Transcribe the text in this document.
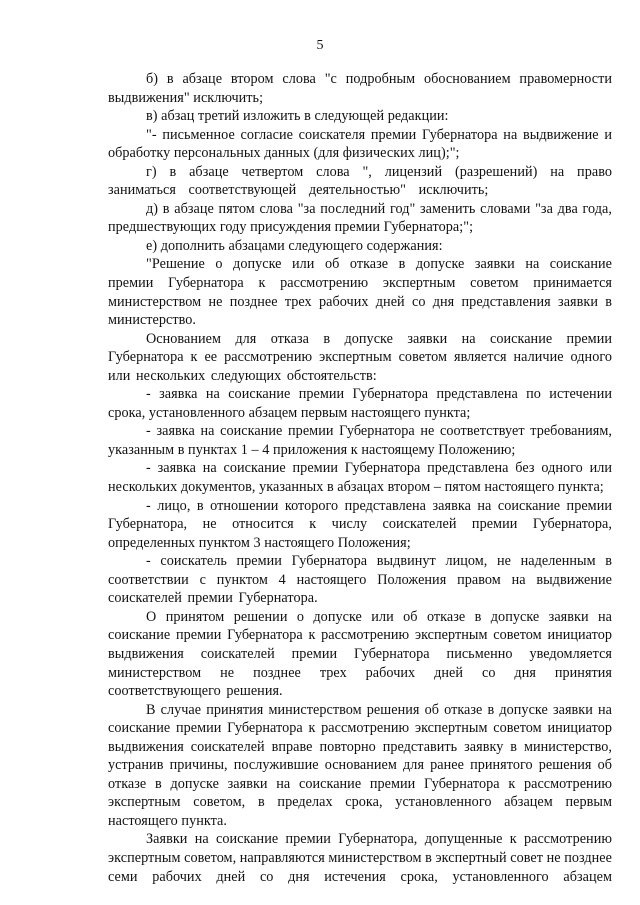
5

б) в абзаце втором слова "с подробным обоснованием правомерности выдвижения" исключить;

в) абзац третий изложить в следующей редакции:

"- письменное согласие соискателя премии Губернатора на выдвижение и обработку персональных данных (для физических лиц);";

г) в абзаце четвертом слова ", лицензий (разрешений) на право заниматься соответствующей деятельностью" исключить;

д) в абзаце пятом слова "за последний год" заменить словами "за два года, предшествующих году присуждения премии Губернатора;";

е) дополнить абзацами следующего содержания:

"Решение о допуске или об отказе в допуске заявки на соискание премии Губернатора к рассмотрению экспертным советом принимается министерством не позднее трех рабочих дней со дня представления заявки в министерство.

Основанием для отказа в допуске заявки на соискание премии Губернатора к ее рассмотрению экспертным советом является наличие одного или нескольких следующих обстоятельств:

- заявка на соискание премии Губернатора представлена по истечении срока, установленного абзацем первым настоящего пункта;

- заявка на соискание премии Губернатора не соответствует требованиям, указанным в пунктах 1 – 4 приложения к настоящему Положению;

- заявка на соискание премии Губернатора представлена без одного или нескольких документов, указанных в абзацах втором – пятом настоящего пункта;

- лицо, в отношении которого представлена заявка на соискание премии Губернатора, не относится к числу соискателей премии Губернатора, определенных пунктом 3 настоящего Положения;

- соискатель премии Губернатора выдвинут лицом, не наделенным в соответствии с пунктом 4 настоящего Положения правом на выдвижение соискателей премии Губернатора.

О принятом решении о допуске или об отказе в допуске заявки на соискание премии Губернатора к рассмотрению экспертным советом инициатор выдвижения соискателей премии Губернатора письменно уведомляется министерством не позднее трех рабочих дней со дня принятия соответствующего решения.

В случае принятия министерством решения об отказе в допуске заявки на соискание премии Губернатора к рассмотрению экспертным советом инициатор выдвижения соискателей вправе повторно представить заявку в министерство, устранив причины, послужившие основанием для ранее принятого решения об отказе в допуске заявки на соискание премии Губернатора к рассмотрению экспертным советом, в пределах срока, установленного абзацем первым настоящего пункта.

Заявки на соискание премии Губернатора, допущенные к рассмотрению экспертным советом, направляются министерством в экспертный совет не позднее семи рабочих дней со дня истечения срока, установленного абзацем
